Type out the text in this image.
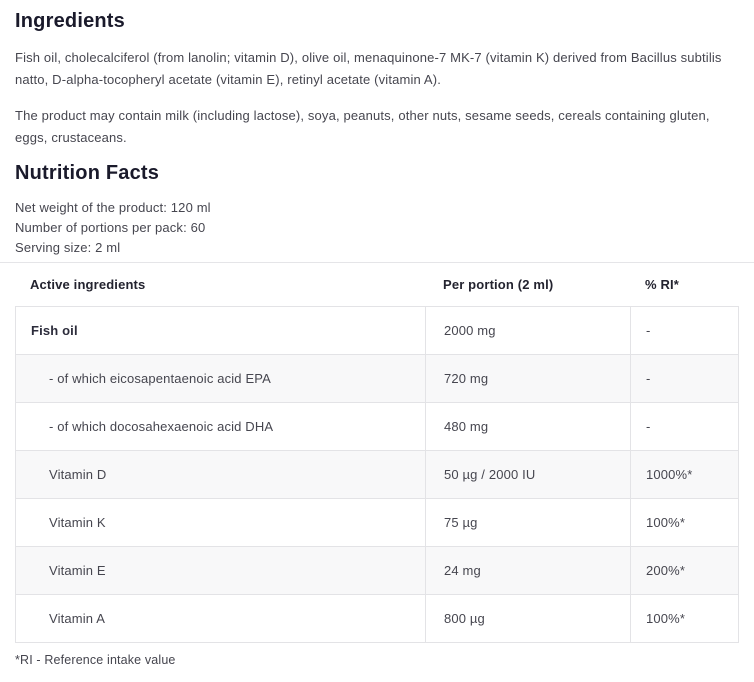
Ingredients

Fish oil, cholecalciferol (from lanolin; vitamin D), olive oil, menaquinone-7 MK-7 (vitamin K) derived from Bacillus subtilis natto, D-alpha-tocopheryl acetate (vitamin E), retinyl acetate (vitamin A).

The product may contain milk (including lactose), soya, peanuts, other nuts, sesame seeds, cereals containing gluten, eggs, crustaceans.

Nutrition Facts
Net weight of the product: 120 ml
Number of portions per pack: 60
Serving size: 2 ml
Active ingredients	Per portion (2 ml)	% RI*
Fish oil	2000 mg	-
- of which eicosapentaenoic acid EPA	720 mg	-
- of which docosahexaenoic acid DHA	480 mg	-
Vitamin D	50 µg / 2000 IU	1000%*
Vitamin K	75 µg	100%*
Vitamin E	24 mg	200%*
Vitamin A	800 µg	100%*

*RI - Reference intake value
